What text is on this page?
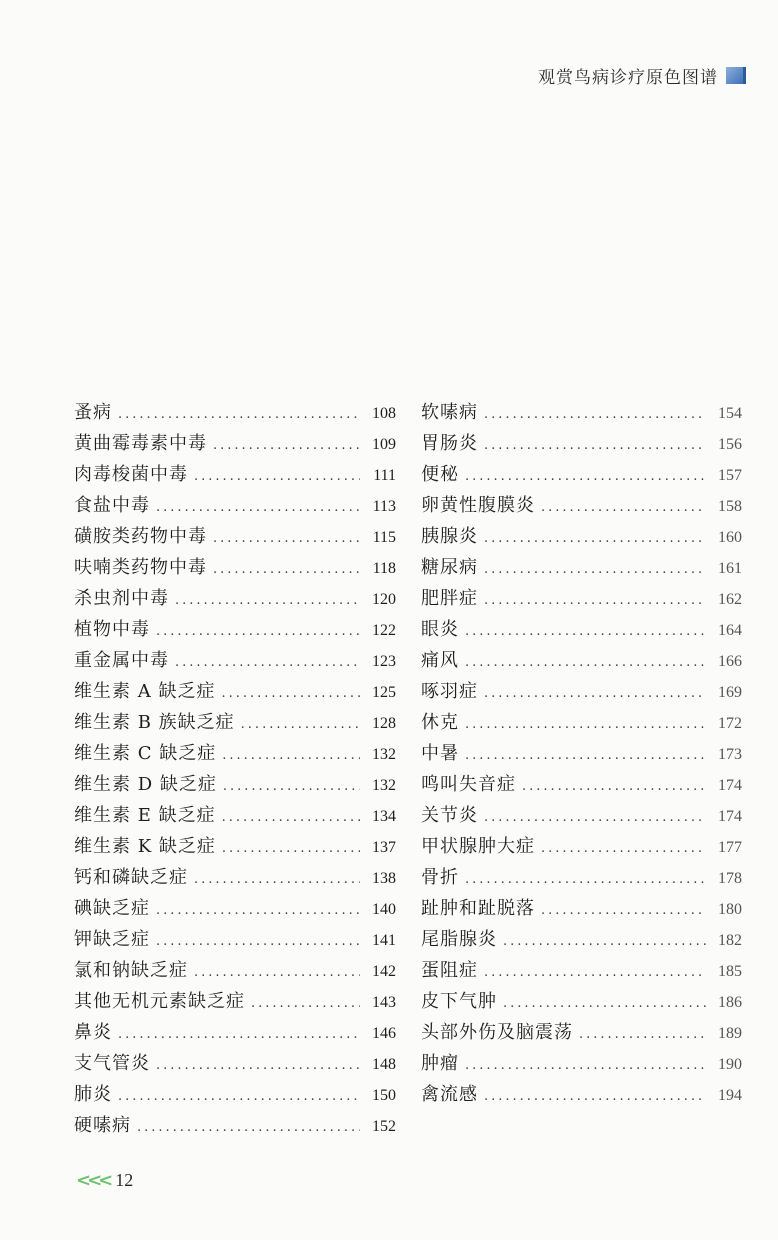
观赏鸟病诊疗原色图谱
蚤病 .....	108
黄曲霉毒素中毒 .....	109
肉毒梭菌中毒 .....	111
食盐中毒 .....	113
磺胺类药物中毒 .....	115
呋喃类药物中毒 .....	118
杀虫剂中毒 .....	120
植物中毒 .....	122
重金属中毒 .....	123
维生素 A 缺乏症 .....	125
维生素 B 族缺乏症 .....	128
维生素 C 缺乏症 .....	132
维生素 D 缺乏症 .....	132
维生素 E 缺乏症 .....	134
维生素 K 缺乏症 .....	137
钙和磷缺乏症 .....	138
碘缺乏症 .....	140
钾缺乏症 .....	141
氯和钠缺乏症 .....	142
其他无机元素缺乏症 .....	143
鼻炎 .....	146
支气管炎 .....	148
肺炎 .....	150
硬嗉病 .....	152
软嗉病 .....	154
胃肠炎 .....	156
便秘 .....	157
卵黄性腹膜炎 .....	158
胰腺炎 .....	160
糖尿病 .....	161
肥胖症 .....	162
眼炎 .....	164
痛风 .....	166
啄羽症 .....	169
休克 .....	172
中暑 .....	173
鸣叫失音症 .....	174
关节炎 .....	174
甲状腺肿大症 .....	177
骨折 .....	178
趾肿和趾脱落 .....	180
尾脂腺炎 .....	182
蛋阻症 .....	185
皮下气肿 .....	186
头部外伤及脑震荡 .....	189
肿瘤 .....	190
禽流感 .....	194
<<< 12
